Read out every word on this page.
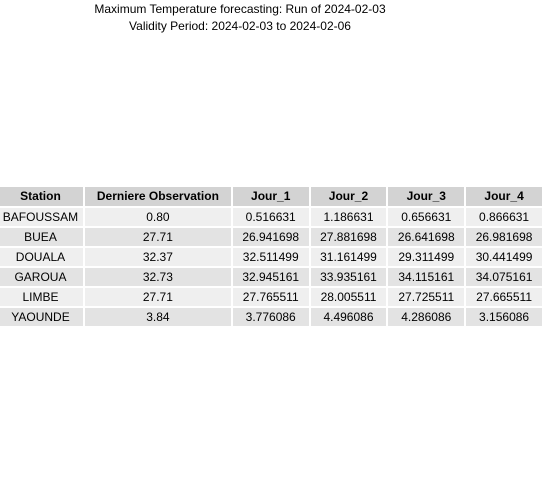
Maximum Temperature forecasting: Run of 2024-02-03
Validity Period: 2024-02-03 to 2024-02-06
Station	Derniere Observation	Jour_1	Jour_2	Jour_3	Jour_4
BAFOUSSAM	0.80	0.516631	1.186631	0.656631	0.866631
BUEA	27.71	26.941698	27.881698	26.641698	26.981698
DOUALA	32.37	32.511499	31.161499	29.311499	30.441499
GAROUA	32.73	32.945161	33.935161	34.115161	34.075161
LIMBE	27.71	27.765511	28.005511	27.725511	27.665511
YAOUNDE	3.84	3.776086	4.496086	4.286086	3.156086
